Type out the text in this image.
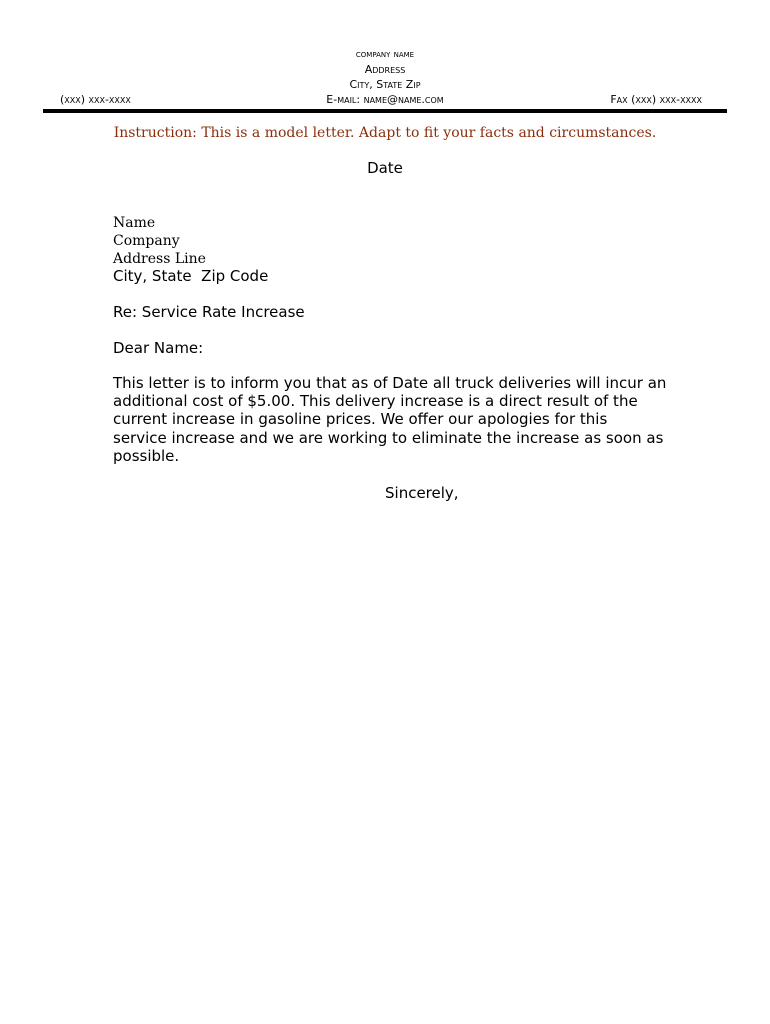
company name
Address
City, State Zip
E-mail: name@name.com
(xxx) xxx-xxxx	Fax (xxx) xxx-xxxx
Instruction: This is a model letter. Adapt to fit your facts and circumstances.
Date
Name
Company
Address Line
City, State  Zip Code
Re: Service Rate Increase
Dear Name:
This letter is to inform you that as of Date all truck deliveries will incur an
additional cost of $5.00. This delivery increase is a direct result of the
current increase in gasoline prices. We offer our apologies for this
service increase and we are working to eliminate the increase as soon as
possible.
Sincerely,
